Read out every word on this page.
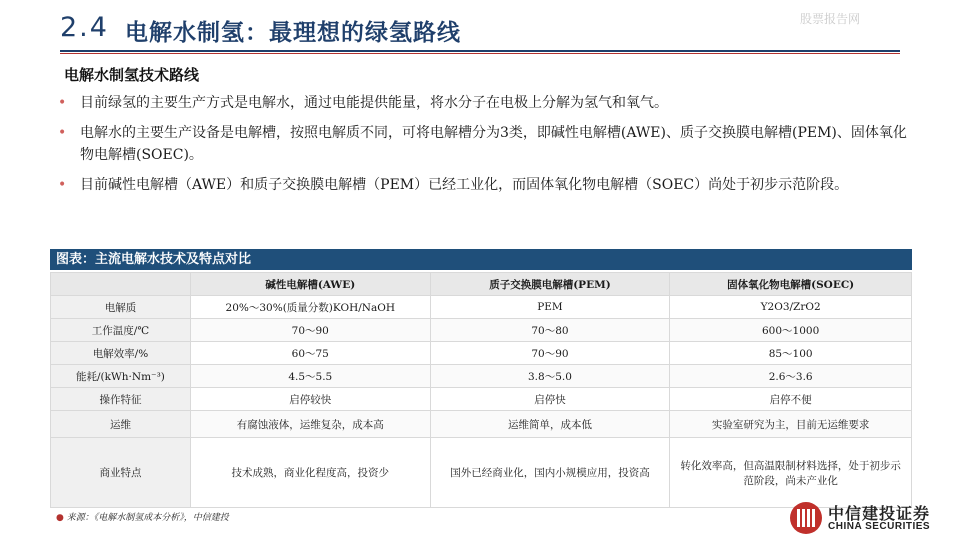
2.4 电解水制氢：最理想的绿氢路线
股票报告网
电解水制氢技术路线
• 目前绿氢的主要生产方式是电解水，通过电能提供能量，将水分子在电极上分解为氢气和氧气。
• 电解水的主要生产设备是电解槽，按照电解质不同，可将电解槽分为3类，即碱性电解槽(AWE)、质子交换膜电解槽(PEM)、固体氧化物电解槽(SOEC)。
• 目前碱性电解槽（AWE）和质子交换膜电解槽（PEM）已经工业化，而固体氧化物电解槽（SOEC）尚处于初步示范阶段。
图表：主流电解水技术及特点对比
	碱性电解槽(AWE)	质子交换膜电解槽(PEM)	固体氧化物电解槽(SOEC)
电解质	20%～30%(质量分数)KOH/NaOH	PEM	Y2O3/ZrO2
工作温度/℃	70～90	70～80	600～1000
电解效率/%	60～75	70～90	85～100
能耗/(kWh·Nm⁻³)	4.5～5.5	3.8～5.0	2.6～3.6
操作特征	启停较快	启停快	启停不便
运维	有腐蚀液体，运维复杂，成本高	运维简单，成本低	实验室研究为主，目前无运维要求
商业特点	技术成熟，商业化程度高，投资少	国外已经商业化，国内小规模应用，投资高	转化效率高，但高温限制材料选择，处于初步示范阶段，尚未产业化
● 来源：《电解水制氢成本分析》，中信建投	中信建投证券
CHINA SECURITIES
